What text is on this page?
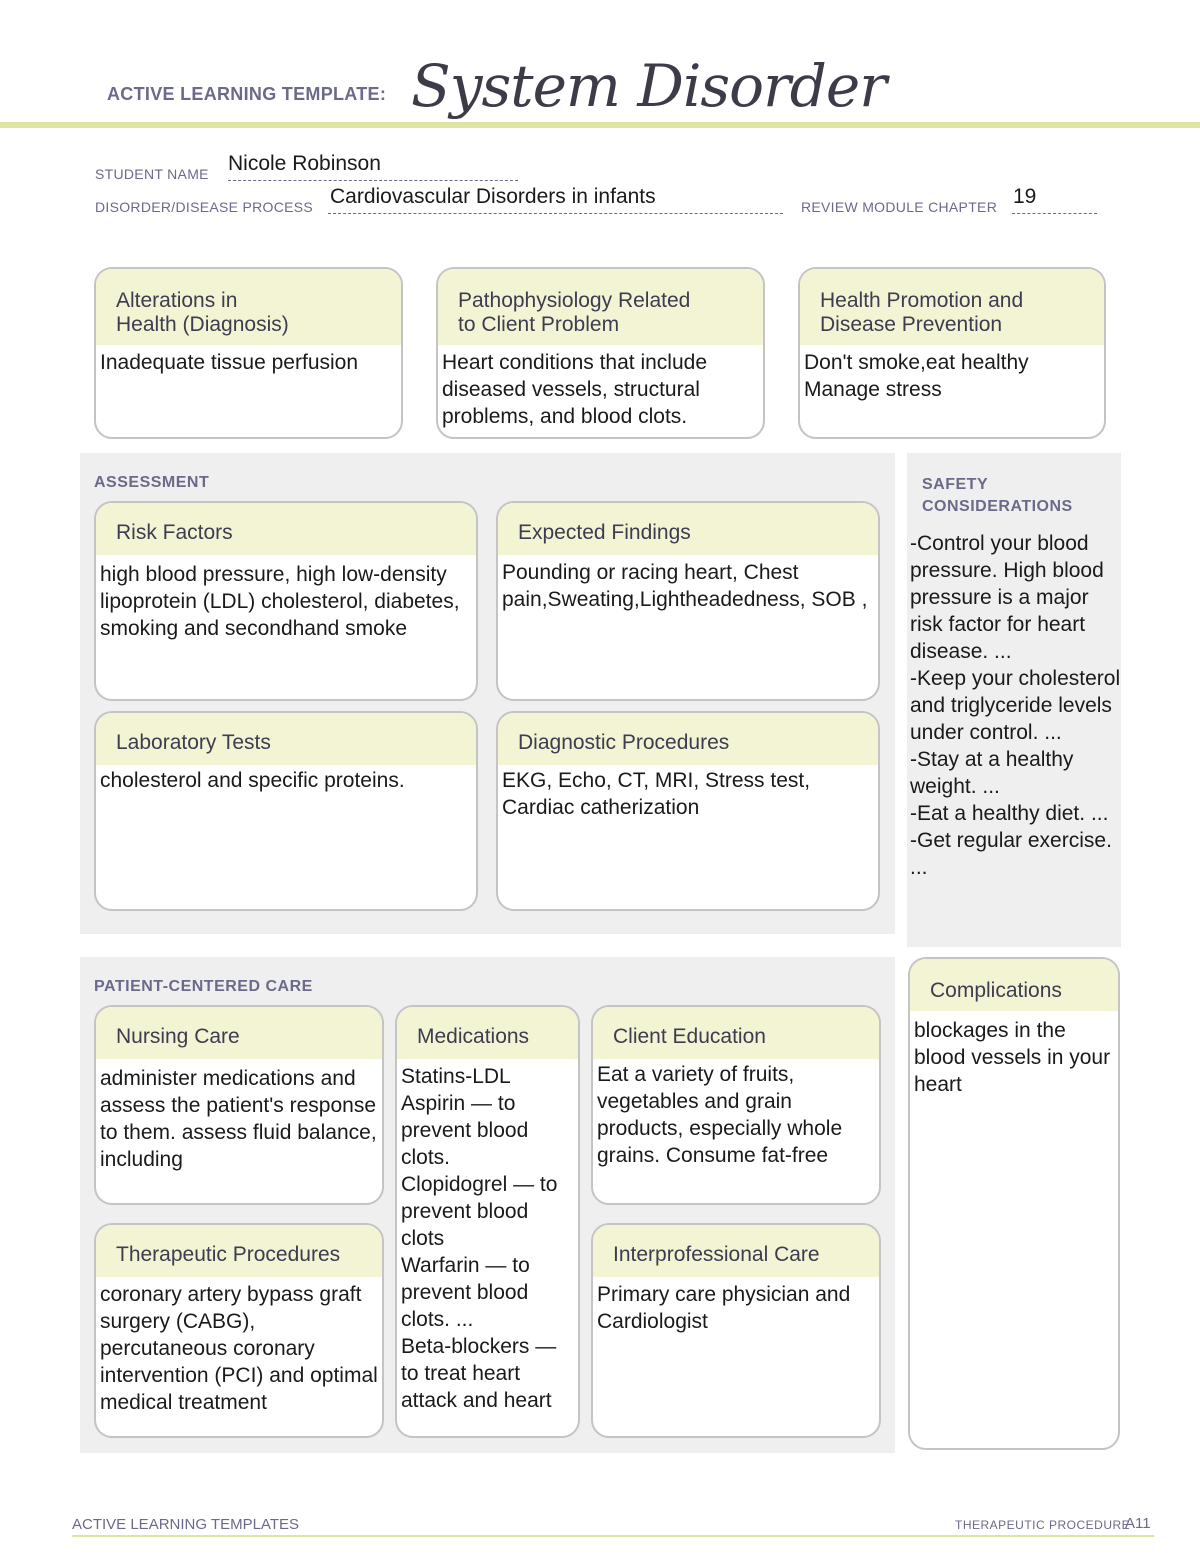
ACTIVE LEARNING TEMPLATE: System Disorder
STUDENT NAME Nicole Robinson
DISORDER/DISEASE PROCESS Cardiovascular Disorders in infants	REVIEW MODULE CHAPTER 19
Alterations in
Health (Diagnosis)
Inadequate tissue perfusion
Pathophysiology Related
to Client Problem
Heart conditions that include diseased vessels, structural problems, and blood clots.
Health Promotion and
Disease Prevention
Don't smoke,eat healthy
Manage stress
ASSESSMENT
Risk Factors
high blood pressure, high low-density lipoprotein (LDL) cholesterol, diabetes, smoking and secondhand smoke
Expected Findings
Pounding or racing heart, Chest pain,Sweating,Lightheadedness, SOB ,
Laboratory Tests
cholesterol and specific proteins.
Diagnostic Procedures
EKG, Echo, CT, MRI, Stress test, Cardiac catherization
SAFETY
CONSIDERATIONS
-Control your blood pressure. High blood pressure is a major risk factor for heart disease. ...
-Keep your cholesterol and triglyceride levels under control. ...
-Stay at a healthy weight. ...
-Eat a healthy diet. ...
-Get regular exercise. ...
PATIENT-CENTERED CARE
Nursing Care
administer medications and assess the patient's response to them. assess fluid balance, including
Medications
Statins-LDL
Aspirin — to prevent blood clots.
Clopidogrel — to prevent blood clots
Warfarin — to prevent blood clots. ...
Beta-blockers — to treat heart attack and heart
Client Education
Eat a variety of fruits, vegetables and grain products, especially whole grains. Consume fat-free
Therapeutic Procedures
coronary artery bypass graft surgery (CABG), percutaneous coronary intervention (PCI) and optimal medical treatment
Interprofessional Care
Primary care physician and Cardiologist
Complications
blockages in the blood vessels in your heart
ACTIVE LEARNING TEMPLATES	THERAPEUTIC PROCEDURE
A11
